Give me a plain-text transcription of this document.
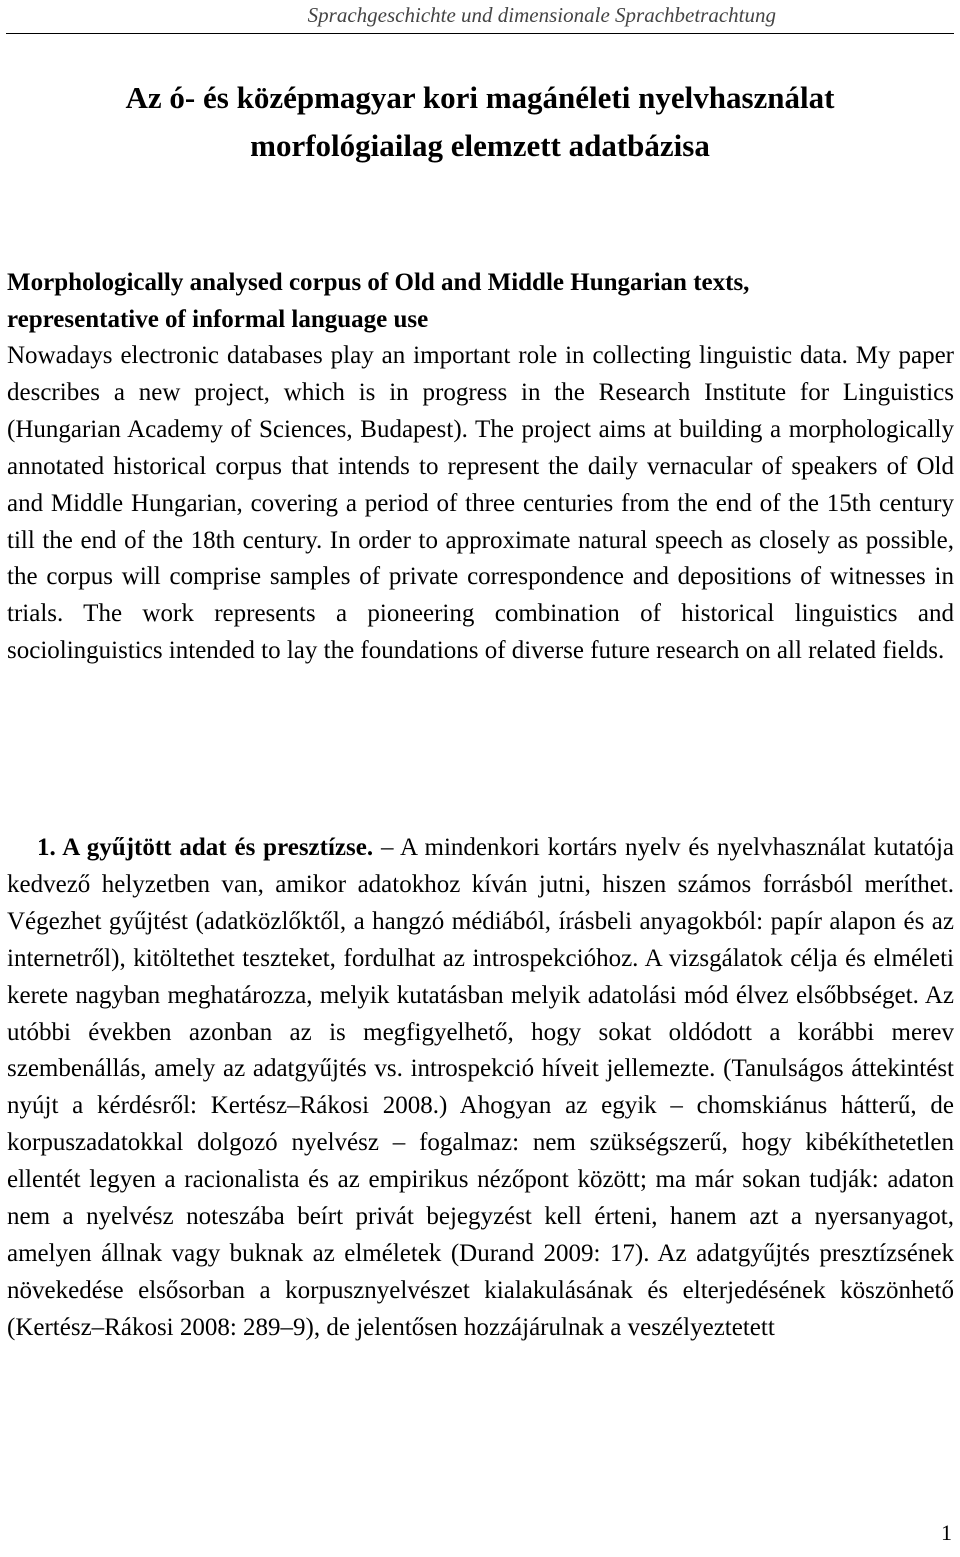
Sprachgeschichte und dimensionale Sprachbetrachtung
Az ó- és középmagyar kori magánéleti nyelvhasználat
morfológiailag elemzett adatbázisa
Morphologically analysed corpus of Old and Middle Hungarian texts,
representative of informal language use

Nowadays electronic databases play an important role in collecting linguistic data. My paper describes a new project, which is in progress in the Research Institute for Linguistics (Hungarian Academy of Sciences, Budapest). The project aims at building a morphologically annotated historical corpus that intends to represent the daily vernacular of speakers of Old and Middle Hungarian, covering a period of three centuries from the end of the 15th century till the end of the 18th century. In order to approximate natural speech as closely as possible, the corpus will comprise samples of private correspondence and depositions of witnesses in trials. The work represents a pioneering combination of historical linguistics and sociolinguistics intended to lay the foundations of diverse future research on all related fields.

1. A gyűjtött adat és presztízse. – A mindenkori kortárs nyelv és nyelvhasználat kutatója kedvező helyzetben van, amikor adatokhoz kíván jutni, hiszen számos forrásból meríthet. Végezhet gyűjtést (adatközlőktől, a hangzó médiából, írásbeli anyagokból: papír alapon és az internetről), kitöltethet teszteket, fordulhat az introspekcióhoz. A vizsgálatok célja és elméleti kerete nagyban meghatározza, melyik kutatásban melyik adatolási mód élvez elsőbbséget. Az utóbbi években azonban az is megfigyelhető, hogy sokat oldódott a korábbi merev szembenállás, amely az adatgyűjtés vs. introspekció híveit jellemezte. (Tanulságos áttekintést nyújt a kérdésről: Kertész–Rákosi 2008.) Ahogyan az egyik – chomskiánus hátterű, de korpuszadatokkal dolgozó nyelvész – fogalmaz: nem szükségszerű, hogy kibékíthetetlen ellentét legyen a racionalista és az empirikus nézőpont között; ma már sokan tudják: adaton nem a nyelvész noteszába beírt privát bejegyzést kell érteni, hanem azt a nyersanyagot, amelyen állnak vagy buknak az elméletek (Durand 2009: 17). Az adatgyűjtés presztízsének növekedése elsősorban a korpusznyelvészet kialakulásának és elterjedésének köszönhető (Kertész–Rákosi 2008: 289–9), de jelentősen hozzájárulnak a veszélyeztetett

1
